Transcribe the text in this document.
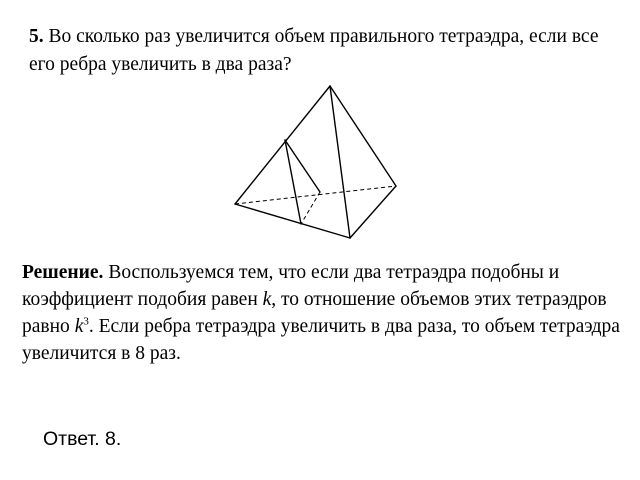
5. Во сколько раз увеличится объем правильного тетраэдра, если все его ребра увеличить в два раза?

Решение. Воспользуемся тем, что если два тетраэдра подобны и коэффициент подобия равен k, то отношение объемов этих тетраэдров равно $k^3$. Если ребра тетраэдра увеличить в два раза, то объем тетраэдра увеличится в 8 раз.

Ответ. 8.
